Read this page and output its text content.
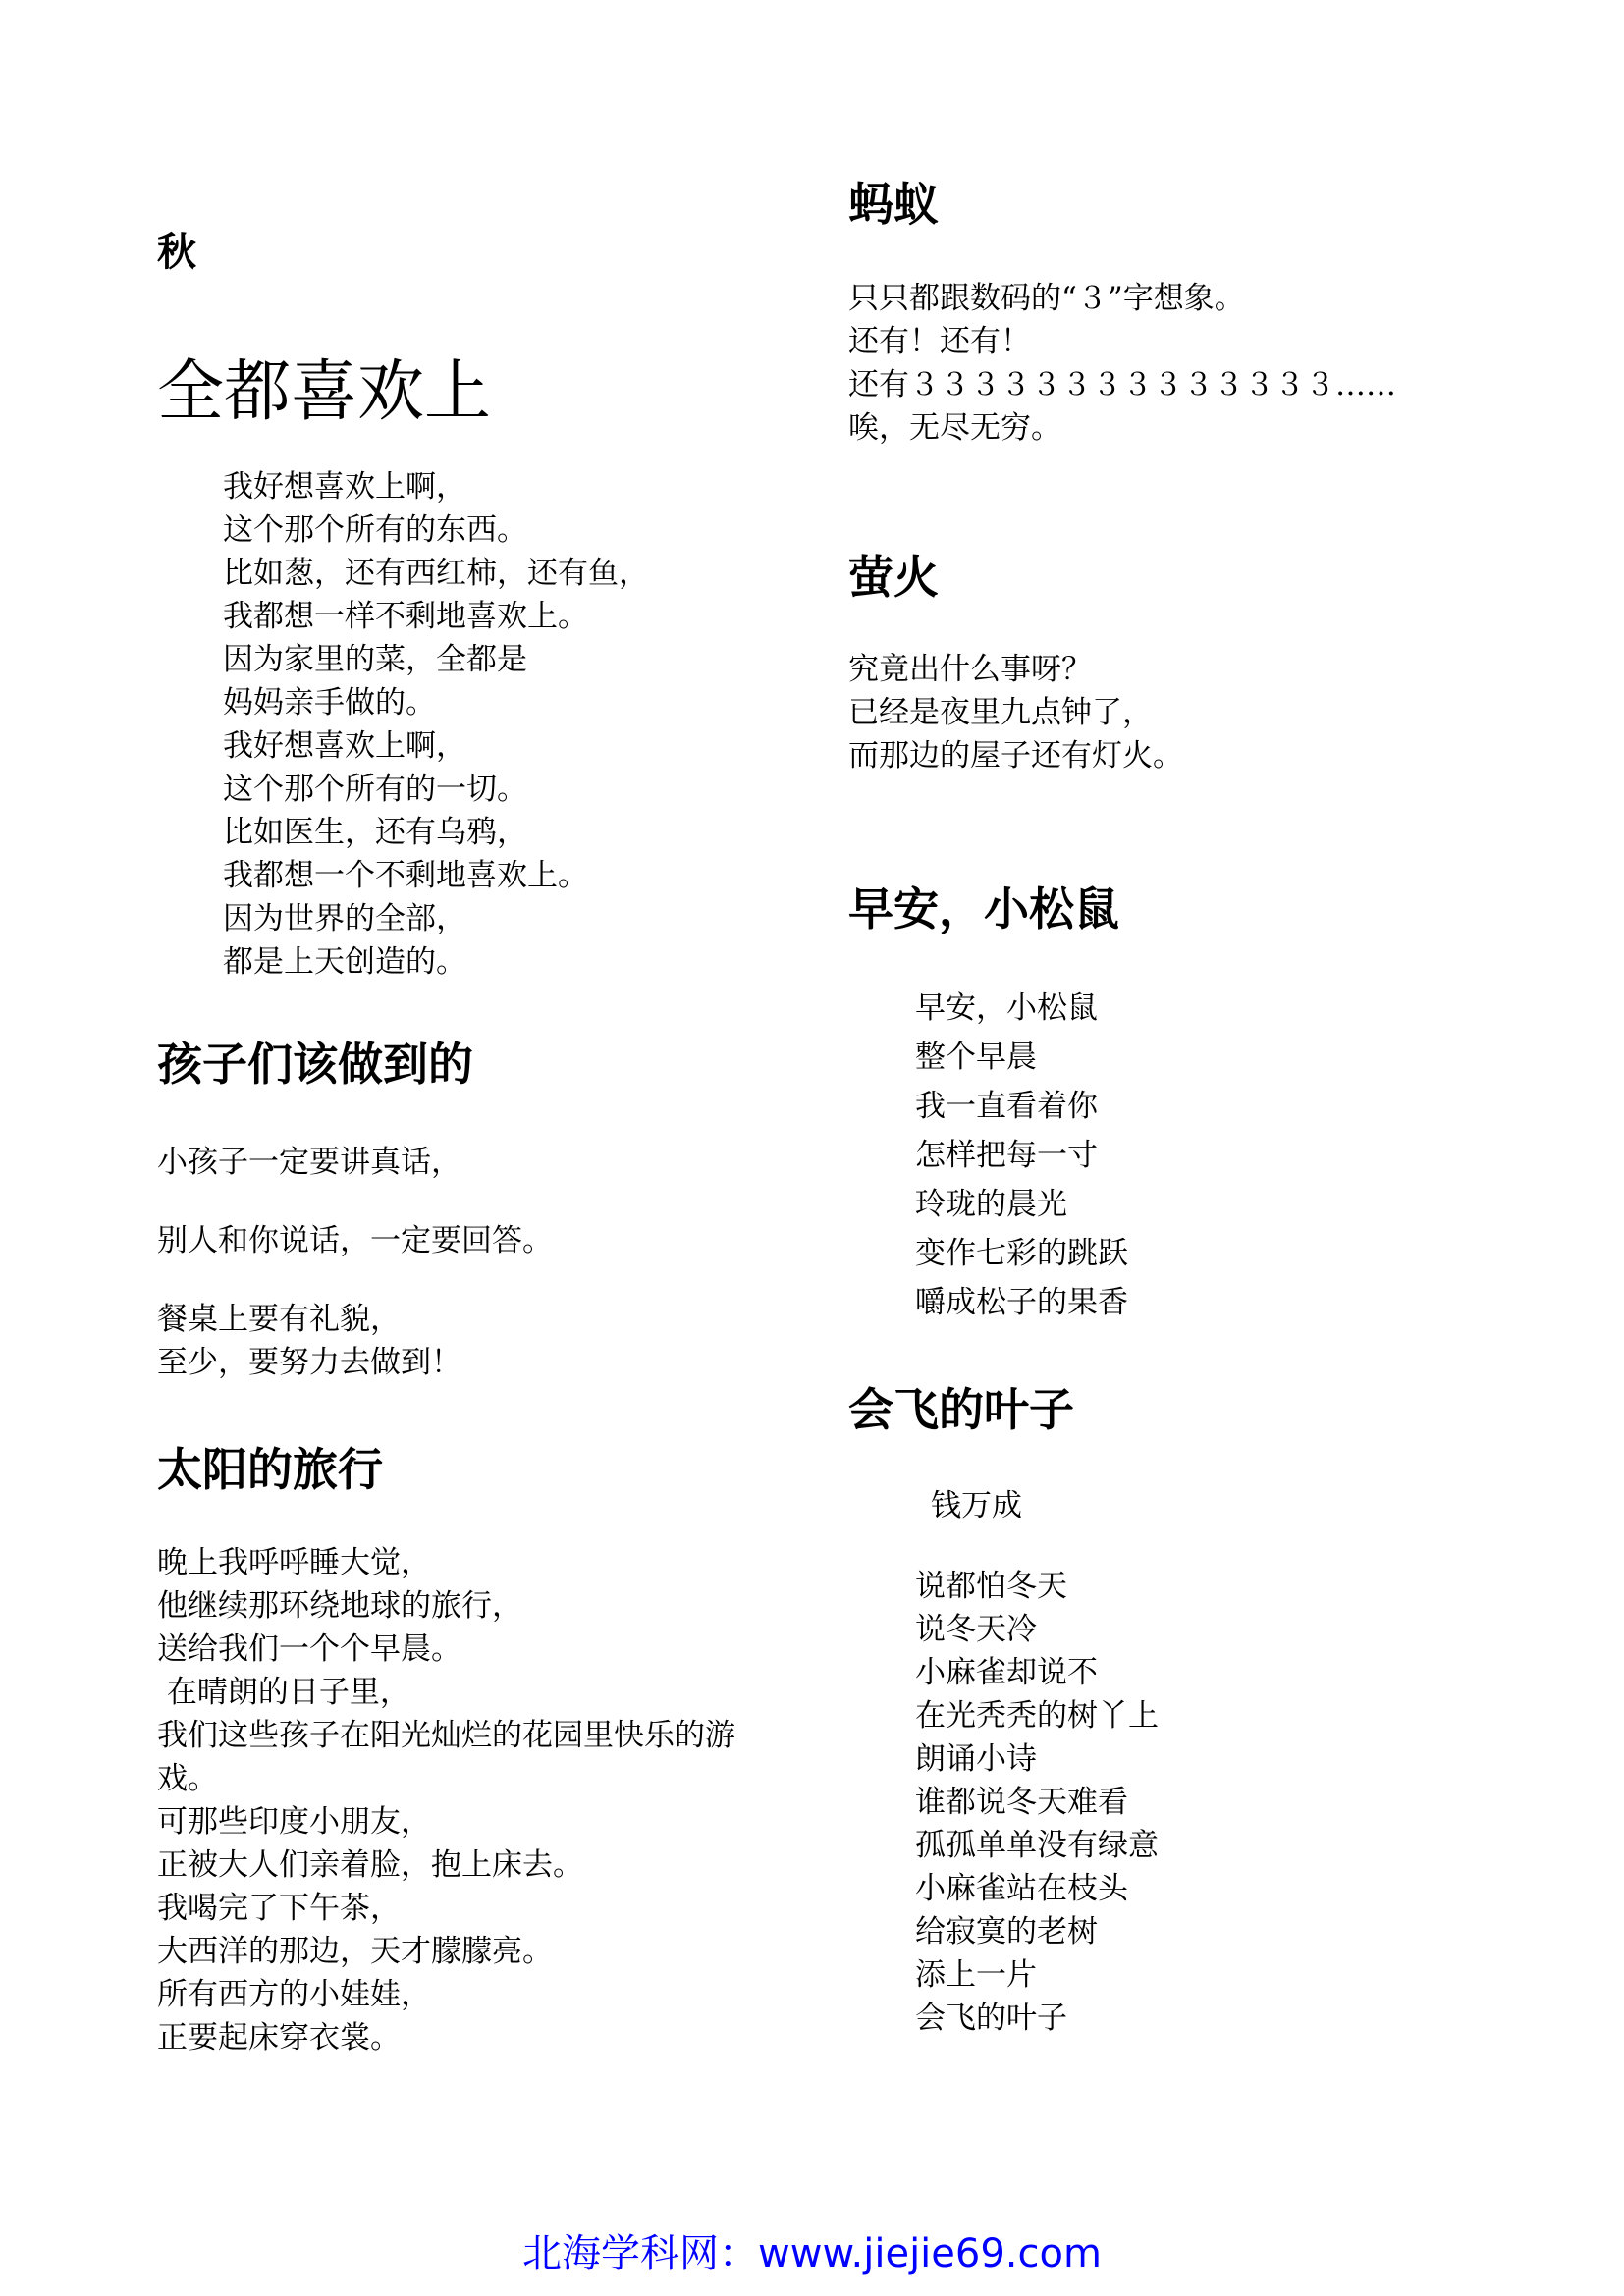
秋
全都喜欢上
我好想喜欢上啊，
这个那个所有的东西。
比如葱，还有西红柿，还有鱼，
我都想一样不剩地喜欢上。
因为家里的菜，全都是
妈妈亲手做的。
我好想喜欢上啊，
这个那个所有的一切。
比如医生，还有乌鸦，
我都想一个不剩地喜欢上。
因为世界的全部，
都是上天创造的。
孩子们该做到的
小孩子一定要讲真话，
别人和你说话，一定要回答。
餐桌上要有礼貌，
至少，要努力去做到！
太阳的旅行
晚上我呼呼睡大觉，
他继续那环绕地球的旅行，
送给我们一个个早晨。
在晴朗的日子里，
我们这些孩子在阳光灿烂的花园里快乐的游
戏。
可那些印度小朋友，
正被大人们亲着脸，抱上床去。
我喝完了下午茶，
大西洋的那边，天才朦朦亮。
所有西方的小娃娃，
正要起床穿衣裳。
蚂蚁
只只都跟数码的“３”字想象。
还有！还有！
还有３３３３３３３３３３３３３３……
唉，无尽无穷。
萤火
究竟出什么事呀？
已经是夜里九点钟了，
而那边的屋子还有灯火。
早安，小松鼠
早安，小松鼠
整个早晨
我一直看着你
怎样把每一寸
玲珑的晨光
变作七彩的跳跃
嚼成松子的果香
会飞的叶子
钱万成
说都怕冬天
说冬天冷
小麻雀却说不
在光秃秃的树丫上
朗诵小诗
谁都说冬天难看
孤孤单单没有绿意
小麻雀站在枝头
给寂寞的老树
添上一片
会飞的叶子
北海学科网：www.jiejie69.com
